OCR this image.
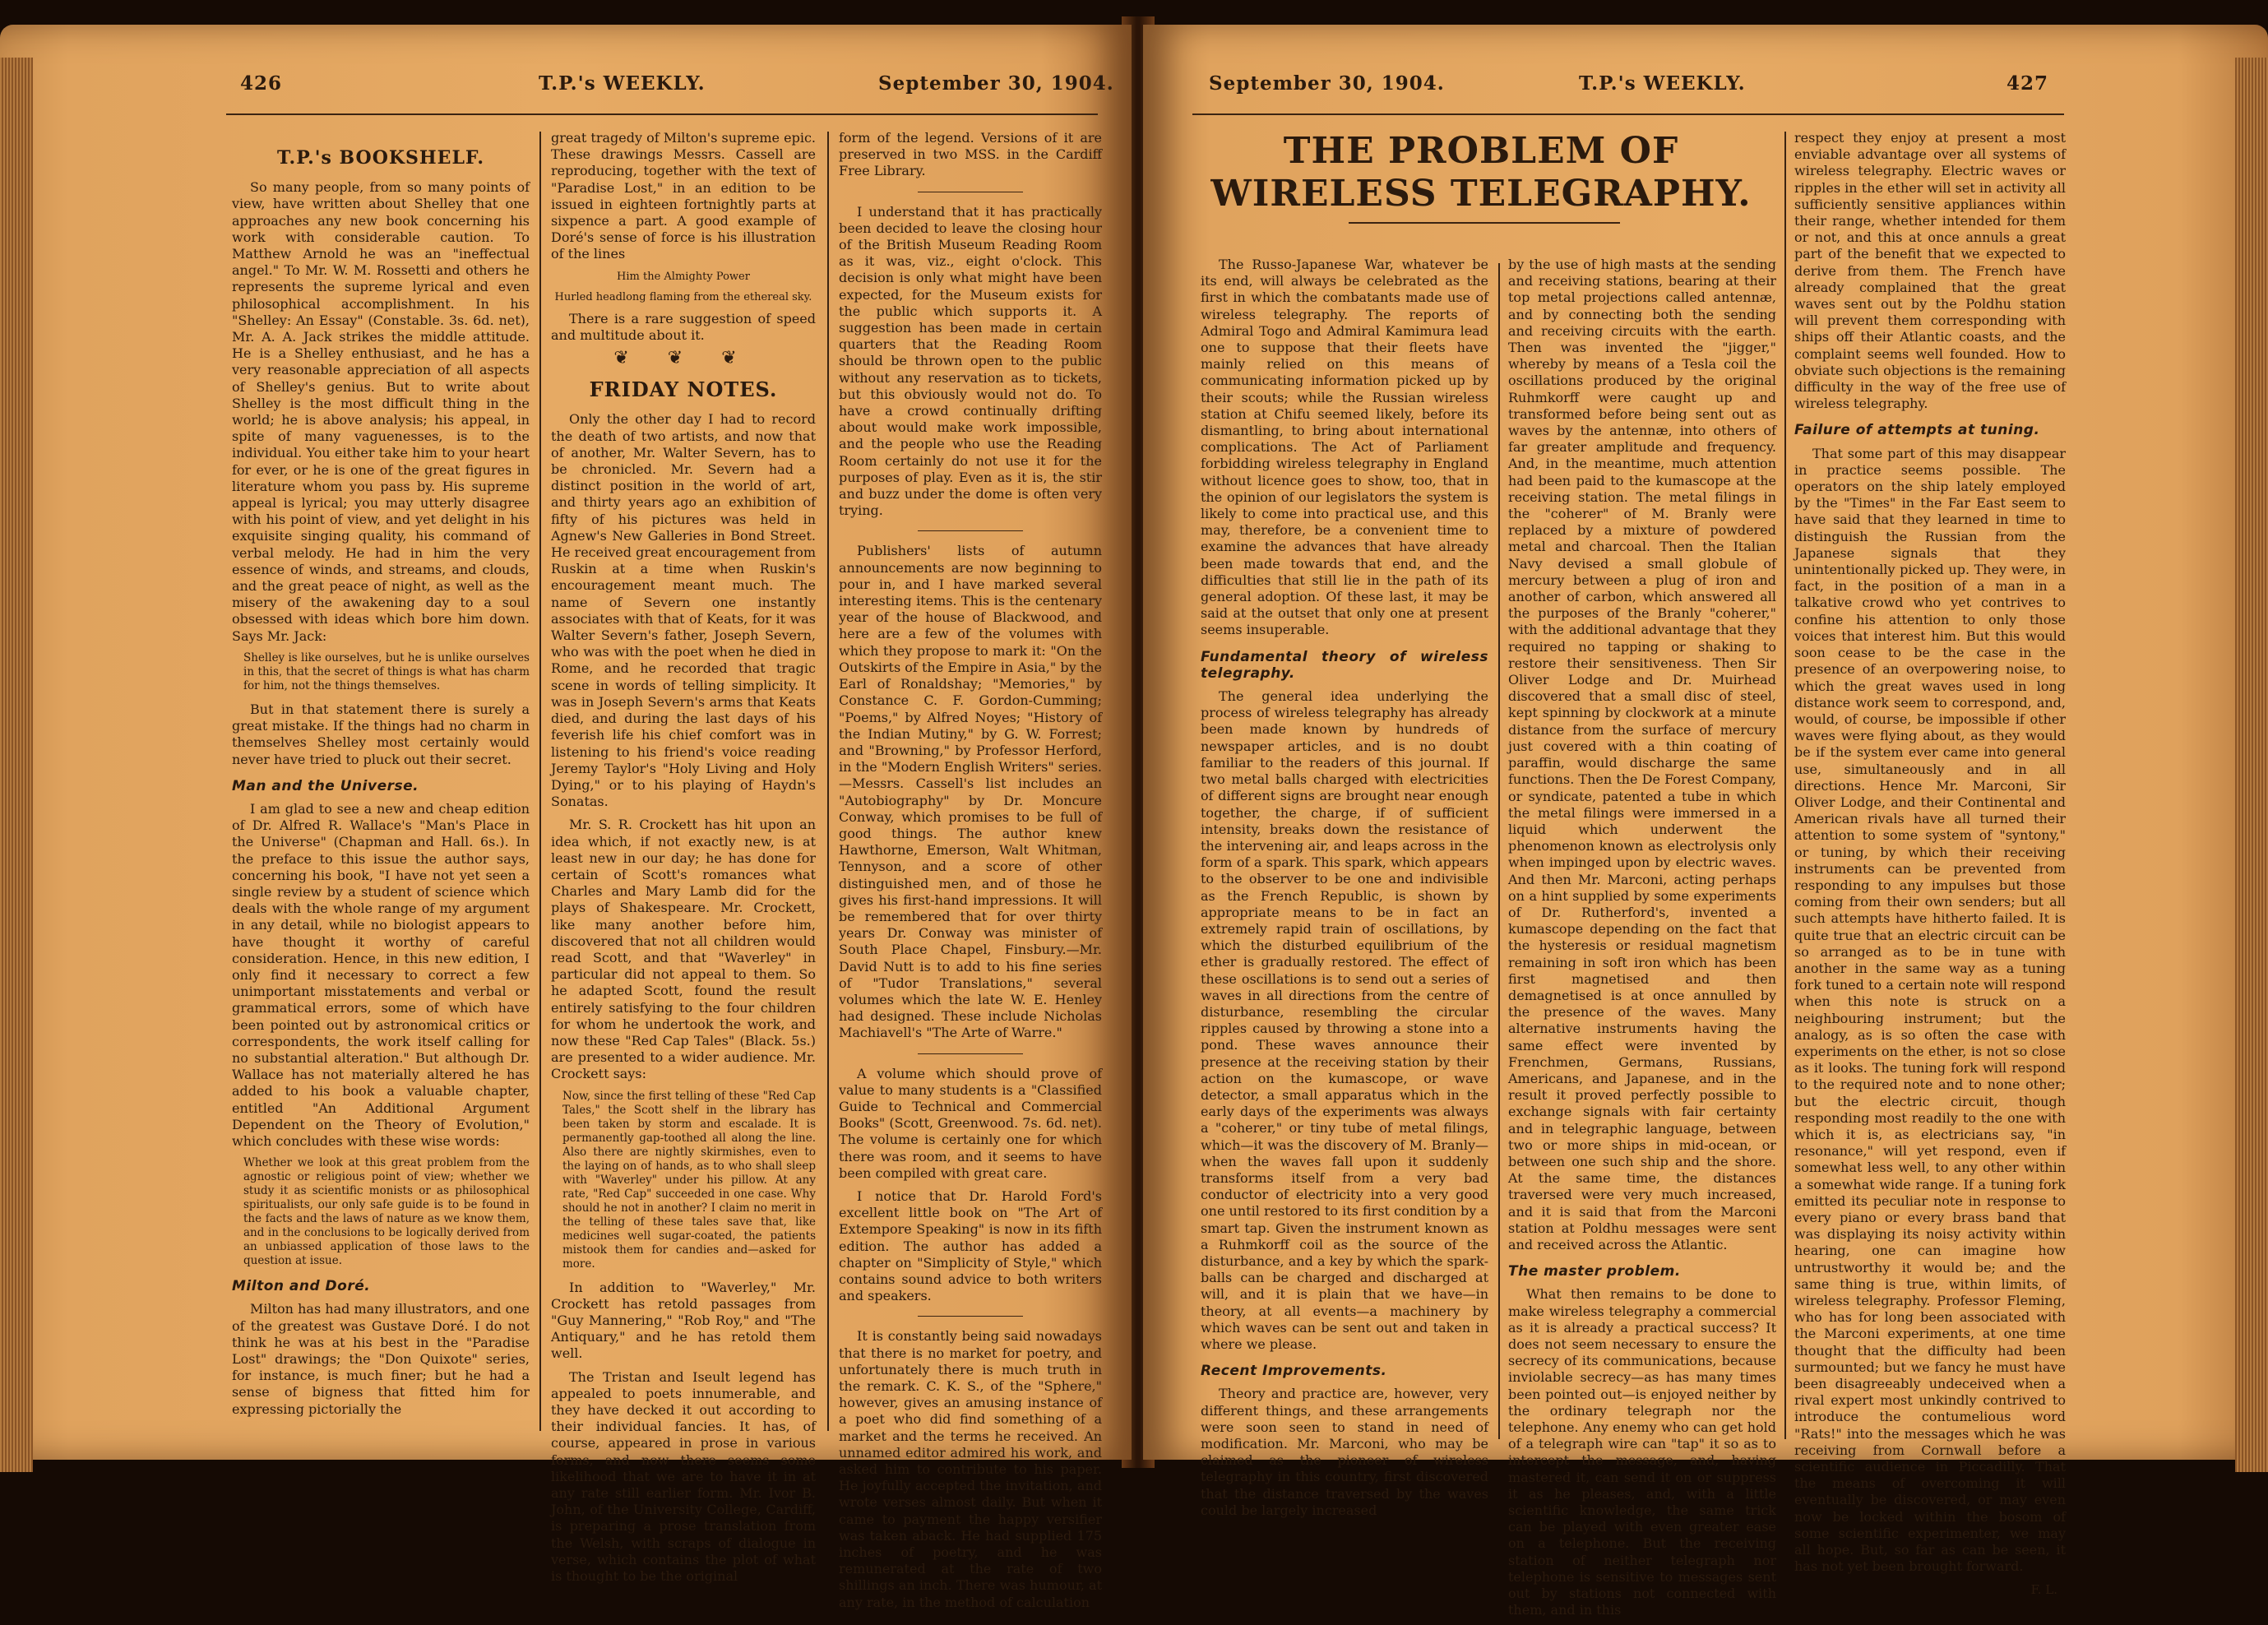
426	T.P.'s WEEKLY.	September 30, 1904.
T.P.'s BOOKSHELF.

So many people, from so many points of view, have written about Shelley that one approaches any new book concerning his work with considerable caution. To Matthew Arnold he was an "ineffectual angel." To Mr. W. M. Rossetti and others he represents the supreme lyrical and even philosophical accomplishment. In his "Shelley: An Essay" (Constable. 3s. 6d. net), Mr. A. A. Jack strikes the middle attitude. He is a Shelley enthusiast, and he has a very reasonable appreciation of all aspects of Shelley's genius. But to write about Shelley is the most difficult thing in the world; he is above analysis; his appeal, in spite of many vaguenesses, is to the individual. You either take him to your heart for ever, or he is one of the great figures in literature whom you pass by. His supreme appeal is lyrical; you may utterly disagree with his point of view, and yet delight in his exquisite singing quality, his command of verbal melody. He had in him the very essence of winds, and streams, and clouds, and the great peace of night, as well as the misery of the awakening day to a soul obsessed with ideas which bore him down. Says Mr. Jack:

Shelley is like ourselves, but he is unlike ourselves in this, that the secret of things is what has charm for him, not the things themselves.

But in that statement there is surely a great mistake. If the things had no charm in themselves Shelley most certainly would never have tried to pluck out their secret.

Man and the Universe.

I am glad to see a new and cheap edition of Dr. Alfred R. Wallace's "Man's Place in the Universe" (Chapman and Hall. 6s.). In the preface to this issue the author says, concerning his book, "I have not yet seen a single review by a student of science which deals with the whole range of my argument in any detail, while no biologist appears to have thought it worthy of careful consideration. Hence, in this new edition, I only find it necessary to correct a few unimportant misstatements and verbal or grammatical errors, some of which have been pointed out by astronomical critics or correspondents, the work itself calling for no substantial alteration." But although Dr. Wallace has not materially altered he has added to his book a valuable chapter, entitled "An Additional Argument Dependent on the Theory of Evolution," which concludes with these wise words:

Whether we look at this great problem from the agnostic or religious point of view; whether we study it as scientific monists or as philosophical spiritualists, our only safe guide is to be found in the facts and the laws of nature as we know them, and in the conclusions to be logically derived from an unbiassed application of those laws to the question at issue.

Milton and Doré.

Milton has had many illustrators, and one of the greatest was Gustave Doré. I do not think he was at his best in the "Paradise Lost" drawings; the "Don Quixote" series, for instance, is much finer; but he had a sense of bigness that fitted him for expressing pictorially the

great tragedy of Milton's supreme epic. These drawings Messrs. Cassell are reproducing, together with the text of "Paradise Lost," in an edition to be issued in eighteen fortnightly parts at sixpence a part. A good example of Doré's sense of force is his illustration of the lines

Him the Almighty Power

Hurled headlong flaming from the ethereal sky.

There is a rare suggestion of speed and multitude about it.

❦ ❦ ❦
FRIDAY NOTES.

Only the other day I had to record the death of two artists, and now that of another, Mr. Walter Severn, has to be chronicled. Mr. Severn had a distinct position in the world of art, and thirty years ago an exhibition of fifty of his pictures was held in Agnew's New Galleries in Bond Street. He received great encouragement from Ruskin at a time when Ruskin's encouragement meant much. The name of Severn one instantly associates with that of Keats, for it was Walter Severn's father, Joseph Severn, who was with the poet when he died in Rome, and he recorded that tragic scene in words of telling simplicity. It was in Joseph Severn's arms that Keats died, and during the last days of his feverish life his chief comfort was in listening to his friend's voice reading Jeremy Taylor's "Holy Living and Holy Dying," or to his playing of Haydn's Sonatas.

Mr. S. R. Crockett has hit upon an idea which, if not exactly new, is at least new in our day; he has done for certain of Scott's romances what Charles and Mary Lamb did for the plays of Shakespeare. Mr. Crockett, like many another before him, discovered that not all children would read Scott, and that "Waverley" in particular did not appeal to them. So he adapted Scott, found the result entirely satisfying to the four children for whom he undertook the work, and now these "Red Cap Tales" (Black. 5s.) are presented to a wider audience. Mr. Crockett says:

Now, since the first telling of these "Red Cap Tales," the Scott shelf in the library has been taken by storm and escalade. It is permanently gap-toothed all along the line. Also there are nightly skirmishes, even to the laying on of hands, as to who shall sleep with "Waverley" under his pillow. At any rate, "Red Cap" succeeded in one case. Why should he not in another? I claim no merit in the telling of these tales save that, like medicines well sugar-coated, the patients mistook them for candies and—asked for more.

In addition to "Waverley," Mr. Crockett has retold passages from "Guy Mannering," "Rob Roy," and "The Antiquary," and he has retold them well.

The Tristan and Iseult legend has appealed to poets innumerable, and they have decked it out according to their individual fancies. It has, of course, appeared in prose in various forms, and now there seems some likelihood that we are to have it in at any rate still earlier form. Mr. Ivor B. John, of the University College, Cardiff, is preparing a prose translation from the Welsh, with scraps of dialogue in verse, which contains the plot of what is thought to be the original

form of the legend. Versions of it are preserved in two MSS. in the Cardiff Free Library.

I understand that it has practically been decided to leave the closing hour of the British Museum Reading Room as it was, viz., eight o'clock. This decision is only what might have been expected, for the Museum exists for the public which supports it. A suggestion has been made in certain quarters that the Reading Room should be thrown open to the public without any reservation as to tickets, but this obviously would not do. To have a crowd continually drifting about would make work impossible, and the people who use the Reading Room certainly do not use it for the purposes of play. Even as it is, the stir and buzz under the dome is often very trying.

Publishers' lists of autumn announcements are now beginning to pour in, and I have marked several interesting items. This is the centenary year of the house of Blackwood, and here are a few of the volumes with which they propose to mark it: "On the Outskirts of the Empire in Asia," by the Earl of Ronaldshay; "Memories," by Constance C. F. Gordon-Cumming; "Poems," by Alfred Noyes; "History of the Indian Mutiny," by G. W. Forrest; and "Browning," by Professor Herford, in the "Modern English Writers" series.—Messrs. Cassell's list includes an "Autobiography" by Dr. Moncure Conway, which promises to be full of good things. The author knew Hawthorne, Emerson, Walt Whitman, Tennyson, and a score of other distinguished men, and of those he gives his first-hand impressions. It will be remembered that for over thirty years Dr. Conway was minister of South Place Chapel, Finsbury.—Mr. David Nutt is to add to his fine series of "Tudor Translations," several volumes which the late W. E. Henley had designed. These include Nicholas Machiavell's "The Arte of Warre."

A volume which should prove of value to many students is a "Classified Guide to Technical and Commercial Books" (Scott, Greenwood. 7s. 6d. net). The volume is certainly one for which there was room, and it seems to have been compiled with great care.

I notice that Dr. Harold Ford's excellent little book on "The Art of Extempore Speaking" is now in its fifth edition. The author has added a chapter on "Simplicity of Style," which contains sound advice to both writers and speakers.

It is constantly being said nowadays that there is no market for poetry, and unfortunately there is much truth in the remark. C. K. S., of the "Sphere," however, gives an amusing instance of a poet who did find something of a market and the terms he received. An unnamed editor admired his work, and asked him to contribute to his paper. He joyfully accepted the invitation, and wrote verses almost daily. But when it came to payment the happy versifier was taken aback. He had supplied 175 inches of poetry, and he was remunerated at the rate of two shillings an inch. There was humour, at any rate, in the method of calculation

September 30, 1904.	T.P.'s WEEKLY.	427

The Russo-Japanese War, whatever be its end, will always be celebrated as the first in which the combatants made use of wireless telegraphy. The reports of Admiral Togo and Admiral Kamimura lead one to suppose that their fleets have mainly relied on this means of communicating information picked up by their scouts; while the Russian wireless station at Chifu seemed likely, before its dismantling, to bring about international complications. The Act of Parliament forbidding wireless telegraphy in England without licence goes to show, too, that in the opinion of our legislators the system is likely to come into practical use, and this may, therefore, be a convenient time to examine the advances that have already been made towards that end, and the difficulties that still lie in the path of its general adoption. Of these last, it may be said at the outset that only one at present seems insuperable.

Fundamental theory of wireless telegraphy.

The general idea underlying the process of wireless telegraphy has already been made known by hundreds of newspaper articles, and is no doubt familiar to the readers of this journal. If two metal balls charged with electricities of different signs are brought near enough together, the charge, if of sufficient intensity, breaks down the resistance of the intervening air, and leaps across in the form of a spark. This spark, which appears to the observer to be one and indivisible as the French Republic, is shown by appropriate means to be in fact an extremely rapid train of oscillations, by which the disturbed equilibrium of the ether is gradually restored. The effect of these oscillations is to send out a series of waves in all directions from the centre of disturbance, resembling the circular ripples caused by throwing a stone into a pond. These waves announce their presence at the receiving station by their action on the kumascope, or wave detector, a small apparatus which in the early days of the experiments was always a "coherer," or tiny tube of metal filings, which—it was the discovery of M. Branly—when the waves fall upon it suddenly transforms itself from a very bad conductor of electricity into a very good one until restored to its first condition by a smart tap. Given the instrument known as a Ruhmkorff coil as the source of the disturbance, and a key by which the spark-balls can be charged and discharged at will, and it is plain that we have—in theory, at all events—a machinery by which waves can be sent out and taken in where we please.

Recent Improvements.

Theory and practice are, however, very different things, and these arrangements were soon seen to stand in need of modification. Mr. Marconi, who may be claimed as the pioneer of wireless telegraphy in this country, first discovered that the distance traversed by the waves could be largely increased

by the use of high masts at the sending and receiving stations, bearing at their top metal projections called antennæ, and by connecting both the sending and receiving circuits with the earth. Then was invented the "jigger," whereby by means of a Tesla coil the oscillations produced by the original Ruhmkorff were caught up and transformed before being sent out as waves by the antennæ, into others of far greater amplitude and frequency. And, in the meantime, much attention had been paid to the kumascope at the receiving station. The metal filings in the "coherer" of M. Branly were replaced by a mixture of powdered metal and charcoal. Then the Italian Navy devised a small globule of mercury between a plug of iron and another of carbon, which answered all the purposes of the Branly "coherer," with the additional advantage that they required no tapping or shaking to restore their sensitiveness. Then Sir Oliver Lodge and Dr. Muirhead discovered that a small disc of steel, kept spinning by clockwork at a minute distance from the surface of mercury just covered with a thin coating of paraffin, would discharge the same functions. Then the De Forest Company, or syndicate, patented a tube in which the metal filings were immersed in a liquid which underwent the phenomenon known as electrolysis only when impinged upon by electric waves. And then Mr. Marconi, acting perhaps on a hint supplied by some experiments of Dr. Rutherford's, invented a kumascope depending on the fact that the hysteresis or residual magnetism remaining in soft iron which has been first magnetised and then demagnetised is at once annulled by the presence of the waves. Many alternative instruments having the same effect were invented by Frenchmen, Germans, Russians, Americans, and Japanese, and in the result it proved perfectly possible to exchange signals with fair certainty and in telegraphic language, between two or more ships in mid-ocean, or between one such ship and the shore. At the same time, the distances traversed were very much increased, and it is said that from the Marconi station at Poldhu messages were sent and received across the Atlantic.

The master problem.

What then remains to be done to make wireless telegraphy a commercial as it is already a practical success? It does not seem necessary to ensure the secrecy of its communications, because inviolable secrecy—as has many times been pointed out—is enjoyed neither by the ordinary telegraph nor the telephone. Any enemy who can get hold of a telegraph wire can "tap" it so as to intercept the message, and, having mastered it, can send it on or suppress it as he pleases, and, with a little scientific knowledge, the same trick can be played with even greater ease on a telephone. But the receiving station of neither telegraph nor telephone is sensitive to messages sent out by stations not connected with them, and in this

respect they enjoy at present a most enviable advantage over all systems of wireless telegraphy. Electric waves or ripples in the ether will set in activity all sufficiently sensitive appliances within their range, whether intended for them or not, and this at once annuls a great part of the benefit that we expected to derive from them. The French have already complained that the great waves sent out by the Poldhu station will prevent them corresponding with ships off their Atlantic coasts, and the complaint seems well founded. How to obviate such objections is the remaining difficulty in the way of the free use of wireless telegraphy.

Failure of attempts at tuning.

That some part of this may disappear in practice seems possible. The operators on the ship lately employed by the "Times" in the Far East seem to have said that they learned in time to distinguish the Russian from the Japanese signals that they unintentionally picked up. They were, in fact, in the position of a man in a talkative crowd who yet contrives to confine his attention to only those voices that interest him. But this would soon cease to be the case in the presence of an overpowering noise, to which the great waves used in long distance work seem to correspond, and, would, of course, be impossible if other waves were flying about, as they would be if the system ever came into general use, simultaneously and in all directions. Hence Mr. Marconi, Sir Oliver Lodge, and their Continental and American rivals have all turned their attention to some system of "syntony," or tuning, by which their receiving instruments can be prevented from responding to any impulses but those coming from their own senders; but all such attempts have hitherto failed. It is quite true that an electric circuit can be so arranged as to be in tune with another in the same way as a tuning fork tuned to a certain note will respond when this note is struck on a neighbouring instrument; but the analogy, as is so often the case with experiments on the ether, is not so close as it looks. The tuning fork will respond to the required note and to none other; but the electric circuit, though responding most readily to the one with which it is, as electricians say, "in resonance," will yet respond, even if somewhat less well, to any other within a somewhat wide range. If a tuning fork emitted its peculiar note in response to every piano or every brass band that was displaying its noisy activity within hearing, one can imagine how untrustworthy it would be; and the same thing is true, within limits, of wireless telegraphy. Professor Fleming, who has for long been associated with the Marconi experiments, at one time thought that the difficulty had been surmounted; but we fancy he must have been disagreeably undeceived when a rival expert most unkindly contrived to introduce the contumelious word "Rats!" into the messages which he was receiving from Cornwall before a scientific audience in Piccadilly. That the means of overcoming it will eventually be discovered, or may even now be locked within the bosom of some scientific experimenter, we may all hope. But, so far as can be seen, it has not yet been brought forward.

F. L.
THE PROBLEM OF WIRELESS TELEGRAPHY.
